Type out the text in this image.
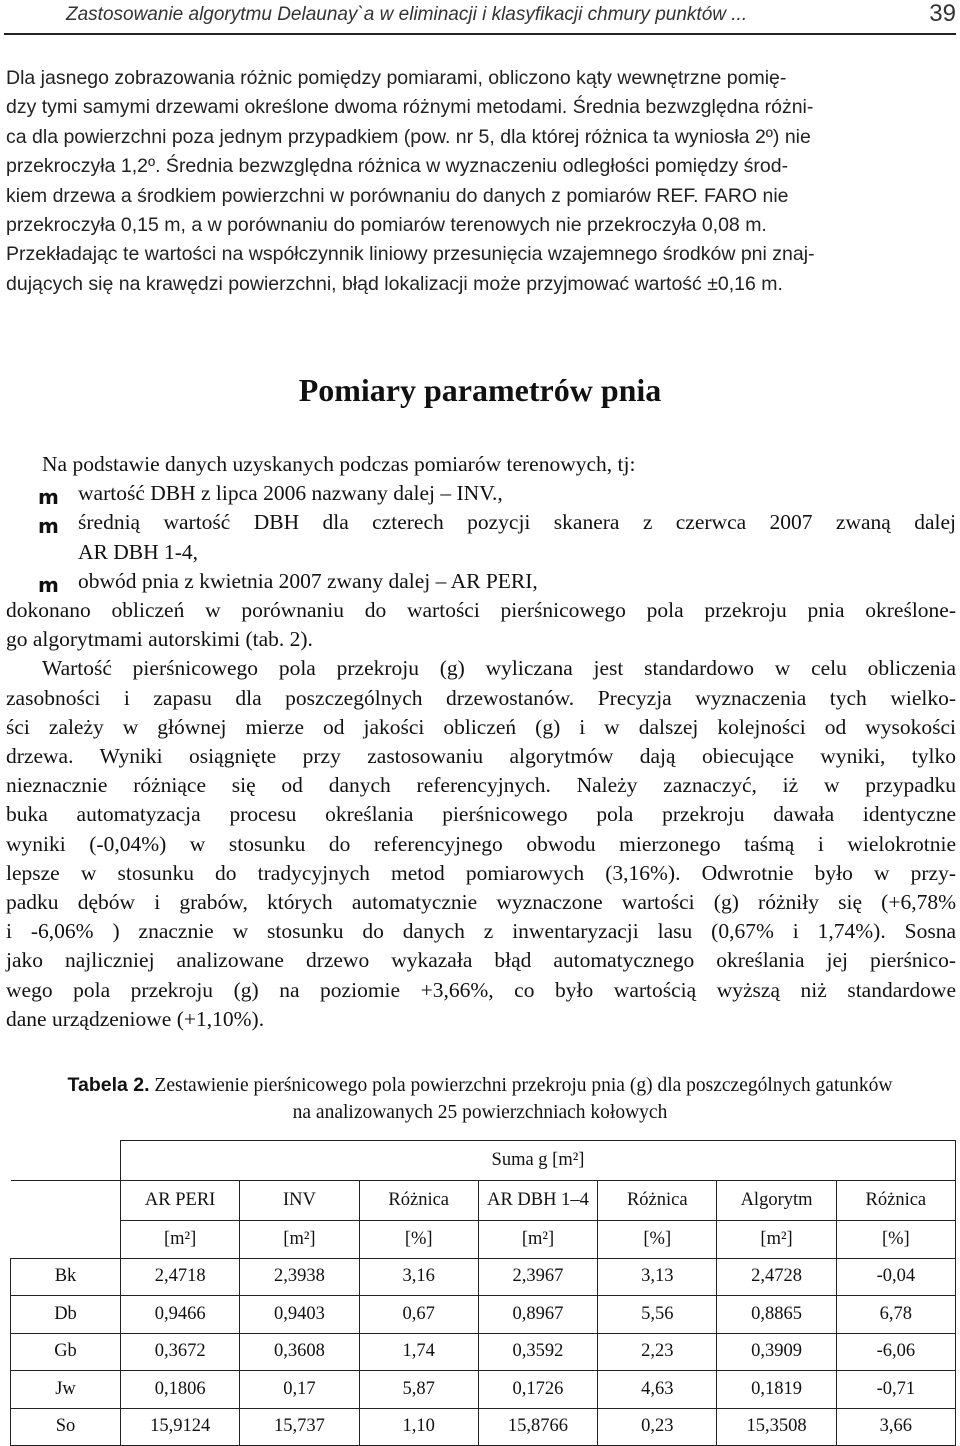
Zastosowanie algorytmu Delaunay`a w eliminacji i klasyfikacji chmury punktów ...	39
Dla jasnego zobrazowania różnic pomiędzy pomiarami, obliczono kąty wewnętrzne pomię-
dzy tymi samymi drzewami określone dwoma różnymi metodami. Średnia bezwzględna różni-
ca dla powierzchni poza jednym przypadkiem (pow. nr 5, dla której różnica ta wyniosła 2º) nie
przekroczyła 1,2º. Średnia bezwzględna różnica w wyznaczeniu odległości pomiędzy środ-
kiem drzewa a środkiem powierzchni w porównaniu do danych z pomiarów REF. FARO nie
przekroczyła 0,15 m, a w porównaniu do pomiarów terenowych nie przekroczyła 0,08 m.
Przekładając te wartości na współczynnik liniowy przesunięcia wzajemnego środków pni znaj-
dujących się na krawędzi powierzchni, błąd lokalizacji może przyjmować wartość ±0,16 m.
Pomiary parametrów pnia
Na podstawie danych uzyskanych podczas pomiarów terenowych, tj:
m wartość DBH z lipca 2006 nazwany dalej – INV.,
m średnią wartość DBH dla czterech pozycji skanera z czerwca 2007 zwaną dalej
AR DBH 1-4,
m obwód pnia z kwietnia 2007 zwany dalej – AR PERI,
dokonano obliczeń w porównaniu do wartości pierśnicowego pola przekroju pnia określone-
go algorytmami autorskimi (tab. 2).
Wartość pierśnicowego pola przekroju (g) wyliczana jest standardowo w celu obliczenia
zasobności i zapasu dla poszczególnych drzewostanów. Precyzja wyznaczenia tych wielko-
ści zależy w głównej mierze od jakości obliczeń (g) i w dalszej kolejności od wysokości
drzewa. Wyniki osiągnięte przy zastosowaniu algorytmów dają obiecujące wyniki, tylko
nieznacznie różniące się od danych referencyjnych. Należy zaznaczyć, iż w przypadku
buka automatyzacja procesu określania pierśnicowego pola przekroju dawała identyczne
wyniki (-0,04%) w stosunku do referencyjnego obwodu mierzonego taśmą i wielokrotnie
lepsze w stosunku do tradycyjnych metod pomiarowych (3,16%). Odwrotnie było w przy-
padku dębów i grabów, których automatycznie wyznaczone wartości (g) różniły się (+6,78%
i -6,06% ) znacznie w stosunku do danych z inwentaryzacji lasu (0,67% i 1,74%). Sosna
jako najliczniej analizowane drzewo wykazała błąd automatycznego określania jej pierśnico-
wego pola przekroju (g) na poziomie +3,66%, co było wartością wyższą niż standardowe
dane urządzeniowe (+1,10%).
Tabela 2. Zestawienie pierśnicowego pola powierzchni przekroju pnia (g) dla poszczególnych gatunków
na analizowanych 25 powierzchniach kołowych
	Suma g [m²]						
	AR PERI	INV	Różnica	AR DBH 1–4	Różnica	Algorytm	Różnica
	[m²]	[m²]	[%]	[m²]	[%]	[m²]	[%]
Bk	2,4718	2,3938	3,16	2,3967	3,13	2,4728	-0,04
Db	0,9466	0,9403	0,67	0,8967	5,56	0,8865	6,78
Gb	0,3672	0,3608	1,74	0,3592	2,23	0,3909	-6,06
Jw	0,1806	0,17	5,87	0,1726	4,63	0,1819	-0,71
So	15,9124	15,737	1,10	15,8766	0,23	15,3508	3,66
